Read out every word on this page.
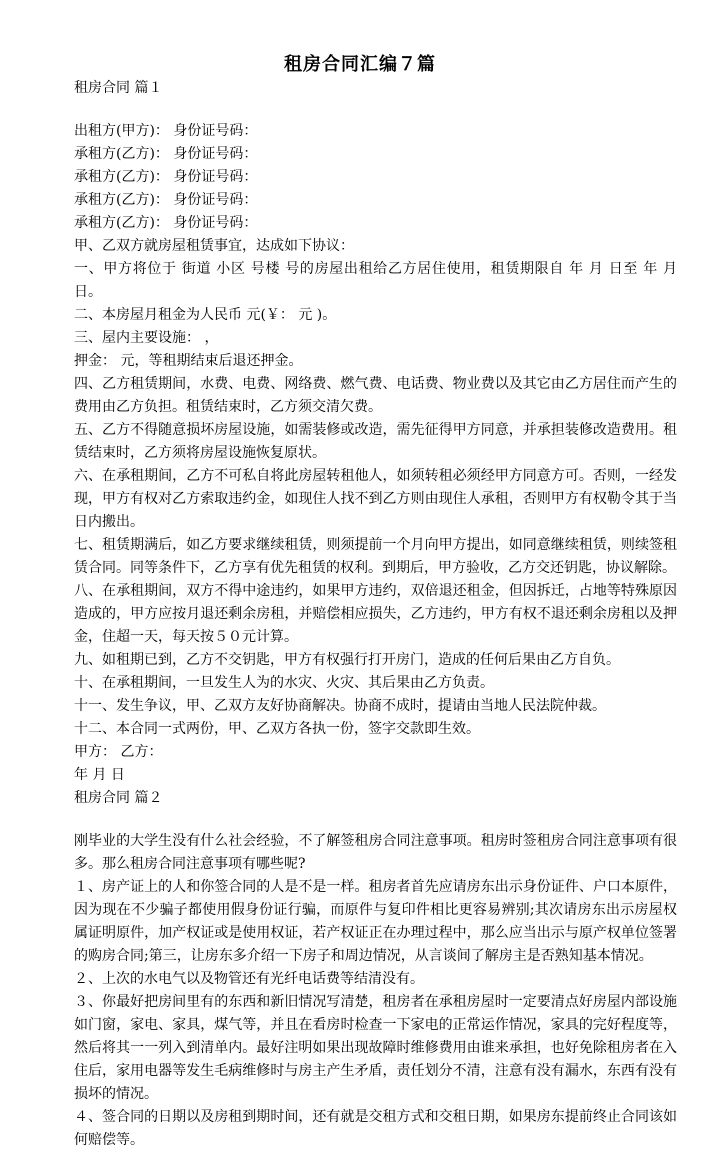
租房合同汇编７篇

租房合同 篇１

出租方(甲方)： 身份证号码：

承租方(乙方)： 身份证号码：

承租方(乙方)： 身份证号码：

承租方(乙方)： 身份证号码：

承租方(乙方)： 身份证号码：

甲、乙双方就房屋租赁事宜，达成如下协议：

一、甲方将位于 街道 小区 号楼 号的房屋出租给乙方居住使用，租赁期限自 年 月 日至 年 月 日。

二、本房屋月租金为人民币 元(￥： 元 )。

三、屋内主要设施： ，

押金： 元，等租期结束后退还押金。

四、乙方租赁期间，水费、电费、网络费、燃气费、电话费、物业费以及其它由乙方居住而产生的费用由乙方负担。租赁结束时，乙方须交清欠费。

五、乙方不得随意损坏房屋设施，如需装修或改造，需先征得甲方同意，并承担装修改造费用。租赁结束时，乙方须将房屋设施恢复原状。

六、在承租期间，乙方不可私自将此房屋转租他人，如须转租必须经甲方同意方可。否则，一经发现，甲方有权对乙方索取违约金，如现住人找不到乙方则由现住人承租，否则甲方有权勒令其于当日内搬出。

七、租赁期满后，如乙方要求继续租赁，则须提前一个月向甲方提出，如同意继续租赁，则续签租赁合同。同等条件下，乙方享有优先租赁的权利。到期后，甲方验收，乙方交还钥匙，协议解除。

八、在承租期间，双方不得中途违约，如果甲方违约，双倍退还租金，但因拆迁，占地等特殊原因造成的，甲方应按月退还剩余房租，并赔偿相应损失，乙方违约，甲方有权不退还剩余房租以及押金，住超一天，每天按５０元计算。

九、如租期已到，乙方不交钥匙，甲方有权强行打开房门，造成的任何后果由乙方自负。

十、在承租期间，一旦发生人为的水灾、火灾、其后果由乙方负责。

十一、发生争议，甲、乙双方友好协商解决。协商不成时，提请由当地人民法院仲裁。

十二、本合同一式两份，甲、乙双方各执一份，签字交款即生效。

甲方： 乙方：

年 月 日

租房合同 篇２

刚毕业的大学生没有什么社会经验，不了解签租房合同注意事项。租房时签租房合同注意事项有很多。那么租房合同注意事项有哪些呢?

１、房产证上的人和你签合同的人是不是一样。租房者首先应请房东出示身份证件、户口本原件，因为现在不少骗子都使用假身份证行骗，而原件与复印件相比更容易辨别;其次请房东出示房屋权属证明原件，加产权证或是使用权证，若产权证正在办理过程中，那么应当出示与原产权单位签署的购房合同;第三，让房东多介绍一下房子和周边情况，从言谈间了解房主是否熟知基本情况。

２、上次的水电气以及物管还有光纤电话费等结清没有。

３、你最好把房间里有的东西和新旧情况写清楚，租房者在承租房屋时一定要清点好房屋内部设施如门窗，家电、家具，煤气等，并且在看房时检查一下家电的正常运作情况，家具的完好程度等，然后将其一一列入到清单内。最好注明如果出现故障时维修费用由谁来承担，也好免除租房者在入住后，家用电器等发生毛病维修时与房主产生矛盾，责任划分不清，注意有没有漏水，东西有没有损坏的情况。

４、签合同的日期以及房租到期时间，还有就是交租方式和交租日期，如果房东提前终止合同该如何赔偿等。
